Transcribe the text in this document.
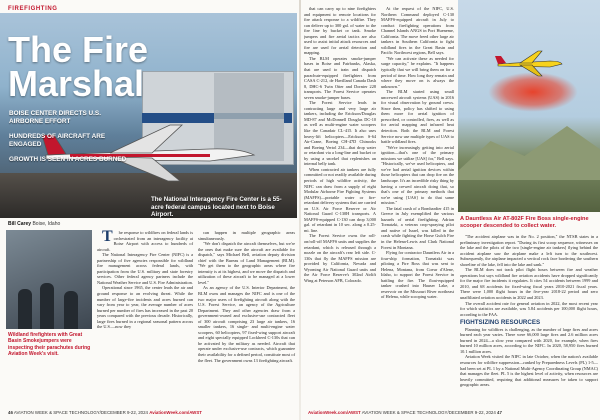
FIREFIGHTING
The Fire
Marshal
BOISE CENTER DIRECTS U.S. AIRBORNE EFFORT
HUNDREDS OF AIRCRAFT ARE ENGAGED
GROWTH IS SEEN IN ACRES BURNED
The National Interagency Fire Center is a 55-acre federal campus located next to Boise Airport.
Bill Carey Boise, Idaho
Wildland firefighters with Great Basin Smokejumpers were inspecting their parachutes during Aviation Week's visit.

The response to wildfires on federal lands is orchestrated from an interagency facility at Boise Airport with access to hundreds of aircraft.

The National Interagency Fire Center (NIFC) is a partnership of five agencies responsible for wildland fire management across federal lands, with participation from the U.S. military and state forestry services. Other federal agency partners include the National Weather Service and U.S. Fire Administration.

Operational since 1965, the center leads the air and ground response to an evolving threat. While the number of large-fire incidents and acres burned can vary from year to year, the average number of acres burned per number of fires has increased in the past 20 years compared with the previous decade. Historically, large fires burned in a regional seasonal pattern across the U.S.—now they

can happen in multiple geographic areas simultaneously.

"We don't dispatch the aircraft themselves, but we're the ones that make sure the aircraft are available for dispatch," says Michael Bell, aviation deputy division chief with the Bureau of Land Management (BLM). "We get them to the geographic areas where fire intensity is at its highest, and we move the dispatch and utilization of these aircraft to be managed at a lower level."

As an agency of the U.S. Interior Department, the BLM owns and manages the NIFC and is one of the two major users of firefighting aircraft along with the U.S. Forest Service, an agency of the Agriculture Department. They and other agencies draw from a government-owned and exclusive-use contracted fleet of 300 aircraft comprising 23 large air tankers, 16 smaller tankers, 16 single- and multi-engine water scoopers, 60 helicopters, 97 fixed-wing support aircraft and eight specially equipped Lockheed C-130s that can be activated by the military as needed. Aircraft that operate under exclusive-use contracts, which guarantee their availability for a defined period, constitute most of the fleet. The government owns 13 firefighting aircraft.

46 AVIATION WEEK & SPACE TECHNOLOGY/DECEMBER 9-22, 2024 AviationWeek.com/AWST

that can carry up to nine firefighters and equipment to remote locations for fire attack response to a wildfire. They can deliver up to 300 gal. of water to the fire line by bucket or tank. Smoke jumpers and fire aerial tactics are also used to assist initial attack resources and fire are used for aerial detection and mapping.

The BLM operates smoke-jumper bases in Boise and Fairbanks, Alaska, that are used to train and dispatch parachute-equipped firefighters from CASA C-212, de Havilland Canada Dash 8, DHC-6 Twin Otter and Dornier 228 transports. The Forest Service operates seven smoke-jumper bases.

The Forest Service leads in contracting large and very large air tankers, including the Erickson/Douglas MD-87 and McDonnell Douglas DC-10 as well as multi-engine water scoopers like the Canadair CL-415. It also uses heavy-lift helicopters—Erickson S-64 Air-Crane, Boeing CH-47D Chinooks and Boeing Vertol 234—that drop water or retardant via a long-line and bucket or by using a snorkel that replenishes an internal belly tank.

When contracted air tankers are fully committed or not readily available during periods of high wildfire activity, the NIFC can draw from a supply of eight Modular Airborne Fire Fighting Systems (MAFFS)—portable water or fire-retardant delivery systems that are carried on U.S. Air Force Reserve or Air National Guard C-130H transports. A MAFFS-equipped C-130 can drop 3,000 gal. of retardant in 10 sec. along a 0.25-mi. line.

The Forest Service owns the roll-on/roll-off MAFFS units and supplies the retardant, which is released through a nozzle on the aircraft's rear left side. C-130s that fly the MAFFS mission are provided by California, Nevada and Wyoming Air National Guard units and the Air Force Reserve's 302nd Airlift Wing at Peterson AFB, Colorado.

At the request of the NIFC, U.S. Northern Command deployed C-130 MAFFS-equipped aircraft in July to conduct firefighting operations from Channel Islands ANGS in Port Hueneme, California. The move freed other large air tankers in Southern California to fight wildland fires in the Great Basin and Pacific Northwest regions, Bell says.

"We can activate these as needed for surge capacity," he explains. "It happens typically that we will bring them on for a period of time. How long they remain and where they move on is always the unknown."

The BLM started using small uncrewed aircraft systems (UAS) in 2016 for visual observation by ground crews. Since then, policy has shifted to using them more for aerial ignition of prescribed, or controlled, fires, as well as for aerial mapping and infrared heat detection. Both the BLM and Forest Service now use multiple types of UAS to battle wildland fires.

"We're increasingly getting into aerial ignition—that's one of the primary missions we utilize [UAS] for," Bell says. "Historically, we've used helicopters, and we've had aerial ignition devices within those helicopters that can drop fire on the landscape. It's an incredible risky thing by having a crewed aircraft doing that, so that's one of the primary methods that we're using [UAS] to do that same mission."

The fatal crash of a Bombardier 415 in Greece in July exemplified the various hazards of aerial firefighting. Adrian Tornatzki, a veteran crop-spraying pilot and native of Israel, was killed in the crash while fighting the Horse Gulch Fire in the Helena-Lewis and Clark National Forest in Montana.

Flying for contractor Dauntless Air in a four-ship formation, Tornatzki was piloting a Fire Boss that was sent to Helena, Montana, from Coeur d'Alene, Idaho, to support the Forest Service in battling the fire. The float-equipped tanker crashed into Hauser Lake, a reservoir on the Missouri River northeast of Helena, while scooping water.

A Dauntless Air AT-802F Fire Boss single-engine scooper descended to collect water.

"The accident airplane was in the No. 2 position," the NTSB states in a preliminary investigation report. "During its first scoop sequence, witnesses on the lake and the pilots of the two [single-engine air tankers] flying behind the accident airplane saw the airplane make a left turn to the southwest. Subsequently, the airplane impacted a vertical rock face bordering the southern shoreline of the lake, fell into the lake and sank."

The BLM does not track pilot flight hours between fire and weather operations but says wildland fire aviation accidents have dropped significantly for the major fire incidents it regulates. It cites 54 accidents between 1999 and 2010, and 68 accidents for fixed-wing fiscal years 2010-2021 fiscal years. There were 1,000 flight hours in the five-year 2018-22 period and zero unaffiliated aviation accidents in 2022 and 2023.

The overall accident rate for general aviation in 2022, the most recent year for which statistics are available, was 5.84 accidents per 100,000 flight hours, according to the FAA.

FIGHTSIZING RESOURCES

Planning for wildfires is challenging, as the number of large fires and acres burned each year varies. There were 66,000 large fires and 2.6 million acres burned in 2024—a slow year compared with 2020, for example, when fires burned 10 million acres, according to the NIFC. In 2020, 58,950 fires burned 10.1 million acres.

Aviation Week visited the NIFC in late October, when the nation's available resources for wildfire suppression—ranked by Preparedness Levels (PL) 1-5—had been set at PL 1 by a National Multi-Agency Coordinating Group (NMAC) that manages the fleet. PL 5 is the highest level of activity, when resources are heavily committed, requiring that additional measures be taken to support geographic areas.

AviationWeek.com/AWST AVIATION WEEK & SPACE TECHNOLOGY/DECEMBER 9-22, 2024 47
